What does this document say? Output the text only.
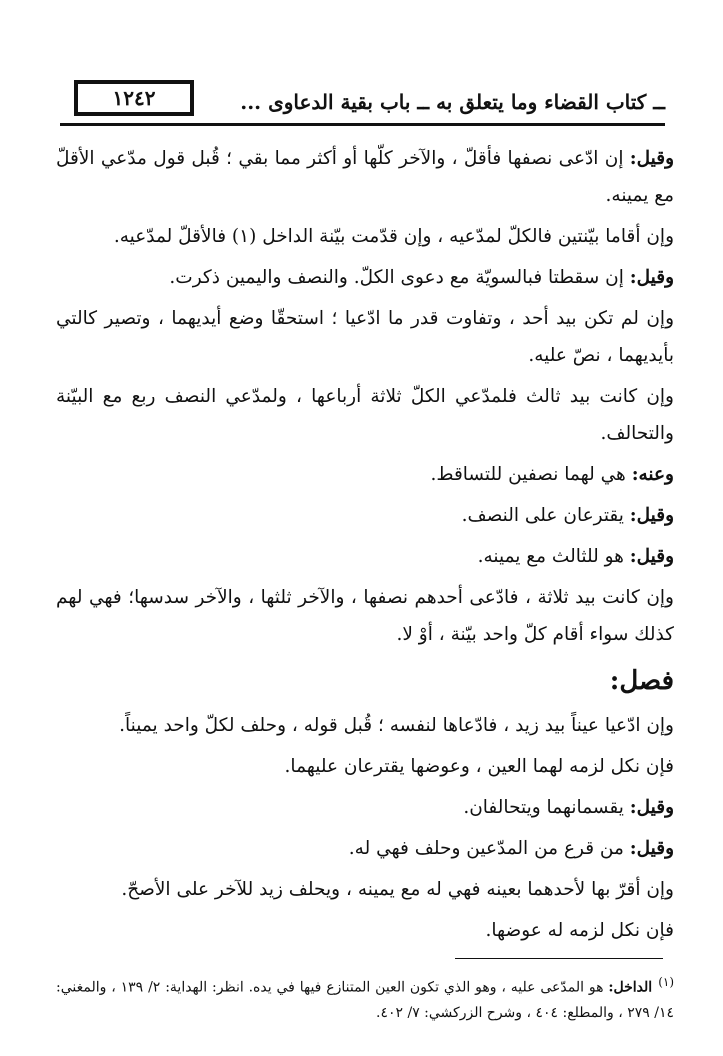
١٢٤٢	ــ كتاب القضاء وما يتعلق به ــ باب بقية الدعاوى ...

وقيل: إن ادّعى نصفها فأقلّ ، والآخر كلّها أو أكثر مما بقي ؛ قُبل قول مدّعي الأقلّ مع يمينه.

وإن أقاما بيّنتين فالكلّ لمدّعيه ، وإن قدّمت بيّنة الداخل (١) فالأقلّ لمدّعيه.

وقيل: إن سقطتا فبالسويّة مع دعوى الكلّ. والنصف واليمين ذكرت.

وإن لم تكن بيد أحد ، وتفاوت قدر ما ادّعيا ؛ استحقّا وضع أيديهما ، وتصير كالتي بأيديهما ، نصّ عليه.

وإن كانت بيد ثالث فلمدّعي الكلّ ثلاثة أرباعها ، ولمدّعي النصف ربع مع البيّنة والتحالف.

وعنه: هي لهما نصفين للتساقط.

وقيل: يقترعان على النصف.

وقيل: هو للثالث مع يمينه.

وإن كانت بيد ثلاثة ، فادّعى أحدهم نصفها ، والآخر ثلثها ، والآخر سدسها؛ فهي لهم كذلك سواء أقام كلّ واحد بيّنة ، أوْ لا.

فصل:

وإن ادّعيا عيناً بيد زيد ، فادّعاها لنفسه ؛ قُبل قوله ، وحلف لكلّ واحد يميناً.

فإن نكل لزمه لهما العين ، وعوضها يقترعان عليهما.

وقيل: يقسمانهما ويتحالفان.

وقيل: من قرع من المدّعين وحلف فهي له.

وإن أقرّ بها لأحدهما بعينه فهي له مع يمينه ، ويحلف زيد للآخر على الأصحّ.

فإن نكل لزمه له عوضها.

(١)الداخل: هو المدّعى عليه ، وهو الذي تكون العين المتنازع فيها في يده. انظر: الهداية: ٢/ ١٣٩ ، والمغني: ١٤/ ٢٧٩ ، والمطلع: ٤٠٤ ، وشرح الزركشي: ٧/ ٤٠٢.
